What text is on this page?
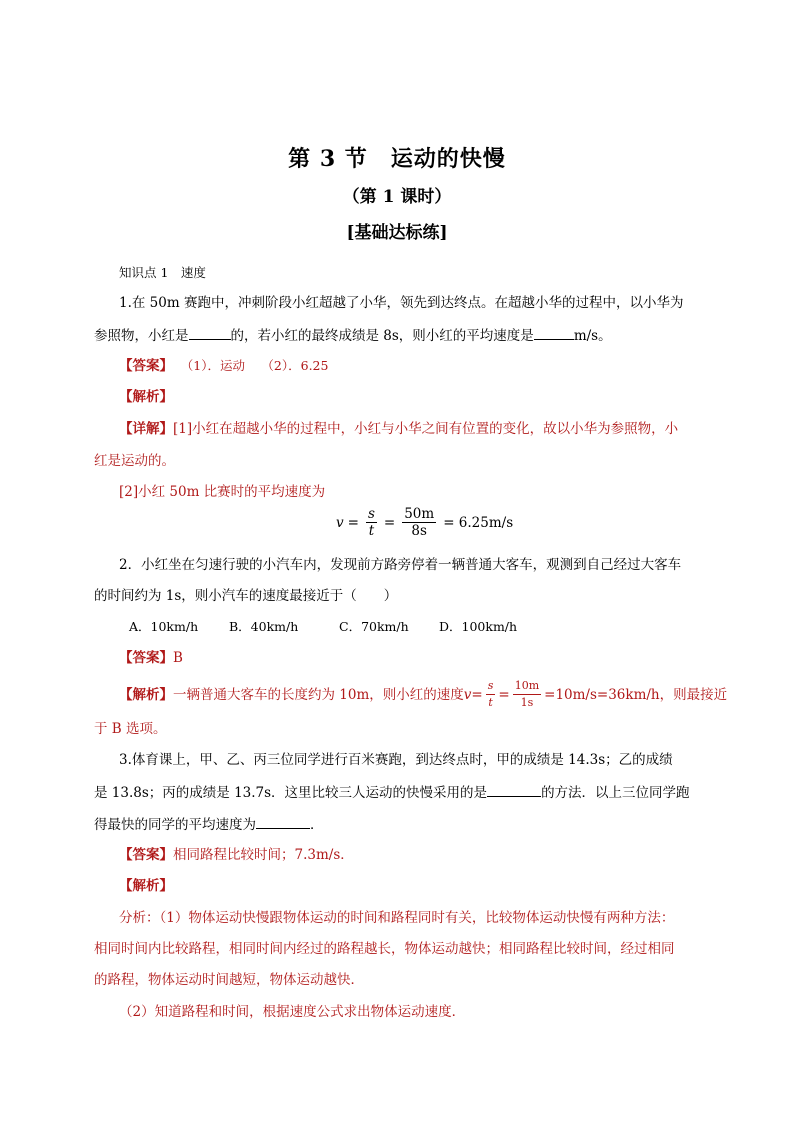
第 3 节　运动的快慢
（第 1 课时）
[基础达标练]
知识点 1　速度
1.在 50m 赛跑中，冲刺阶段小红超越了小华，领先到达终点。在超越小华的过程中，以小华为
参照物，小红是	的，若小红的最终成绩是 8s，则小红的平均速度是	m/s。
【答案】 （1）．运动　 （2）．6.25
【解析】
【详解】[1]小红在超越小华的过程中，小红与小华之间有位置的变化，故以小华为参照物，小
红是运动的。
[2]小红 50m 比赛时的平均速度为
$v = \frac{s}{t} = \frac{50m}{8s} = 6.25m/s$
2．小红坐在匀速行驶的小汽车内，发现前方路旁停着一辆普通大客车，观测到自己经过大客车
的时间约为 1s，则小汽车的速度最接近于（　　）
A．10km/h B．40km/h	C．70km/h D．100km/h
【答案】B
【解析】 一辆普通大客车的长度约为 10m，则小红的速度 $v = \frac{s}{t} = \frac{10m}{1s} =10m/s=36km/h$，则最接近
于 B 选项。
3.体育课上，甲、乙、丙三位同学进行百米赛跑，到达终点时，甲的成绩是 14.3s；乙的成绩
是 13.8s；丙的成绩是 13.7s．这里比较三人运动的快慢采用的是	的方法．以上三位同学跑
得最快的同学的平均速度为	．
【答案】相同路程比较时间；7.3m/s．
【解析】
分析：（1）物体运动快慢跟物体运动的时间和路程同时有关，比较物体运动快慢有两种方法：
相同时间内比较路程，相同时间内经过的路程越长，物体运动越快；相同路程比较时间，经过相同
的路程，物体运动时间越短，物体运动越快．
（2）知道路程和时间，根据速度公式求出物体运动速度．
